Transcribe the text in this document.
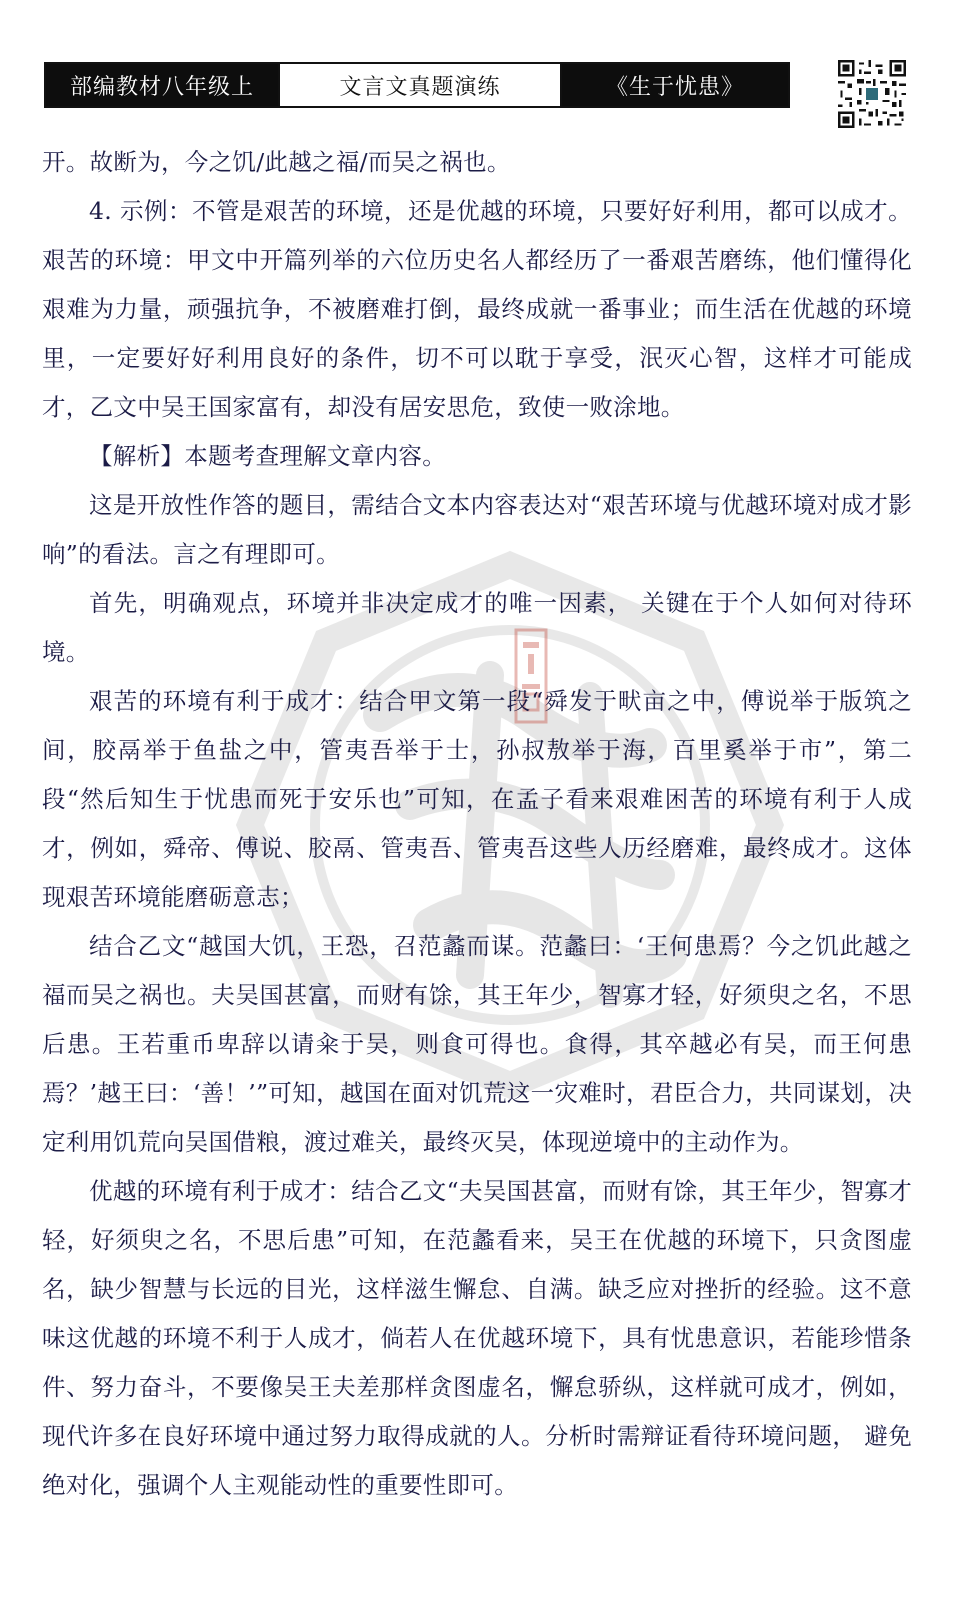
部编教材八年级上	文言文真题演练	《生于忧患》

开。故断为，今之饥/此越之福/而吴之祸也。

4. 示例：不管是艰苦的环境，还是优越的环境，只要好好利用，都可以成才。艰苦的环境：甲文中开篇列举的六位历史名人都经历了一番艰苦磨练，他们懂得化艰难为力量，顽强抗争，不被磨难打倒，最终成就一番事业；而生活在优越的环境里，一定要好好利用良好的条件，切不可以耽于享受，泯灭心智，这样才可能成才，乙文中吴王国家富有，却没有居安思危，致使一败涂地。

【解析】本题考查理解文章内容。

这是开放性作答的题目，需结合文本内容表达对“艰苦环境与优越环境对成才影响”的看法。言之有理即可。

首先，明确观点，环境并非决定成才的唯一因素， 关键在于个人如何对待环境。

艰苦的环境有利于成才：结合甲文第一段“舜发于畎亩之中，傅说举于版筑之间，胶鬲举于鱼盐之中，管夷吾举于士，孙叔敖举于海，百里奚举于市”，第二段“然后知生于忧患而死于安乐也”可知，在孟子看来艰难困苦的环境有利于人成才，例如，舜帝、傅说、胶鬲、管夷吾、管夷吾这些人历经磨难，最终成才。这体现艰苦环境能磨砺意志；

结合乙文“越国大饥，王恐，召范蠡而谋。范蠡曰：‘王何患焉？今之饥此越之福而吴之祸也。夫吴国甚富，而财有馀，其王年少，智寡才轻，好须臾之名，不思后患。王若重币卑辞以请籴于吴，则食可得也。食得，其卒越必有吴，而王何患焉？’越王曰：‘善！’”可知，越国在面对饥荒这一灾难时，君臣合力，共同谋划，决定利用饥荒向吴国借粮，渡过难关，最终灭吴，体现逆境中的主动作为。

优越的环境有利于成才：结合乙文“夫吴国甚富，而财有馀，其王年少，智寡才轻，好须臾之名，不思后患”可知，在范蠡看来，吴王在优越的环境下，只贪图虚名，缺少智慧与长远的目光，这样滋生懈怠、自满。缺乏应对挫折的经验。这不意味这优越的环境不利于人成才，倘若人在优越环境下，具有忧患意识，若能珍惜条件、努力奋斗，不要像吴王夫差那样贪图虚名，懈怠骄纵，这样就可成才，例如，现代许多在良好环境中通过努力取得成就的人。分析时需辩证看待环境问题， 避免绝对化，强调个人主观能动性的重要性即可。
